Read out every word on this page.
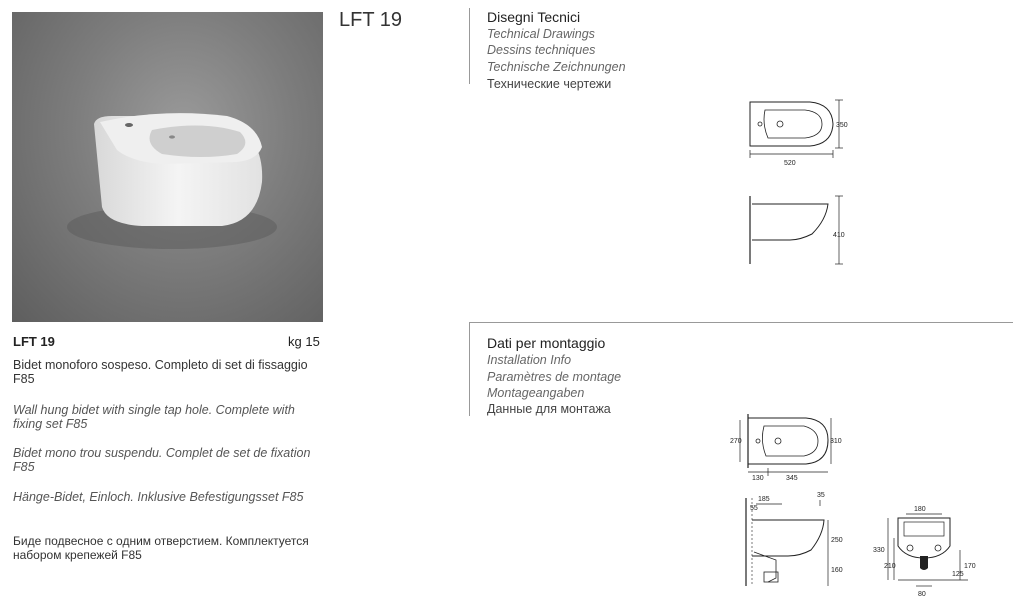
LFT 19
LFT 19	kg 15
Bidet monoforo sospeso. Completo di set di fissaggio F85
Wall hung bidet with single tap hole. Complete with fixing set F85
Bidet mono trou suspendu. Complet de set de fixation F85
Hänge-Bidet, Einloch. Inklusive Befestigungsset F85
Биде подвесное с одним отверстием. Комплектуется набором крепежей F85
Disegni Tecnici
Technical Drawings
Dessins techniques
Technische Zeichnungen
Технические чертежи
350
520
410
Dati per montaggio
Installation Info
Paramètres de montage
Montageangaben
Данные для монтажа
270	310
130	345
185
35
55
250
160
180
330
210	170
125
80
